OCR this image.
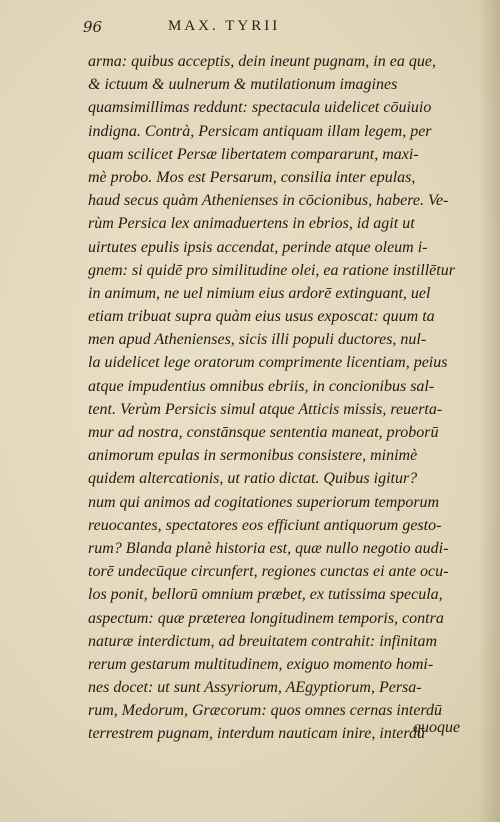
96	MAX. TYRII
arma: quibus acceptis, dein ineunt pugnam, in ea que,
& ictuum & uulnerum & mutilationum imagines
quamsimillimas reddunt: spectacula uidelicet cōuiuio
indigna. Contrà, Persicam antiquam illam legem, per
quam scilicet Persæ libertatem compararunt, maxi-
mè probo. Mos est Persarum, consilia inter epulas,
haud secus quàm Athenienses in cōcionibus, habere. Ve-
rùm Persica lex animaduertens in ebrios, id agit ut
uirtutes epulis ipsis accendat, perinde atque oleum i-
gnem: si quidē pro similitudine olei, ea ratione instillētur
in animum, ne uel nimium eius ardorē extinguant, uel
etiam tribuat supra quàm eius usus exposcat: quum ta
men apud Athenienses, sicis illi populi ductores, nul-
la uidelicet lege oratorum comprimente licentiam, peius
atque impudentius omnibus ebriis, in concionibus sal-
tent. Verùm Persicis simul atque Atticis missis, reuerta-
mur ad nostra, constānsque sententia maneat, proborū
animorum epulas in sermonibus consistere, minimè
quidem altercationis, ut ratio dictat. Quibus igitur?
num qui animos ad cogitationes superiorum temporum
reuocantes, spectatores eos efficiunt antiquorum gesto-
rum? Blanda planè historia est, quæ nullo negotio audi-
torē undecūque circunfert, regiones cunctas ei ante ocu-
los ponit, bellorū omnium præbet, ex tutissima specula,
aspectum: quæ præterea longitudinem temporis, contra
naturæ interdictum, ad breuitatem contrahit: infinitam
rerum gestarum multitudinem, exiguo momento homi-
nes docet: ut sunt Assyriorum, AEgyptiorum, Persa-
rum, Medorum, Græcorum: quos omnes cernas interdū
terrestrem pugnam, interdum nauticam inire, interdū
quoque
